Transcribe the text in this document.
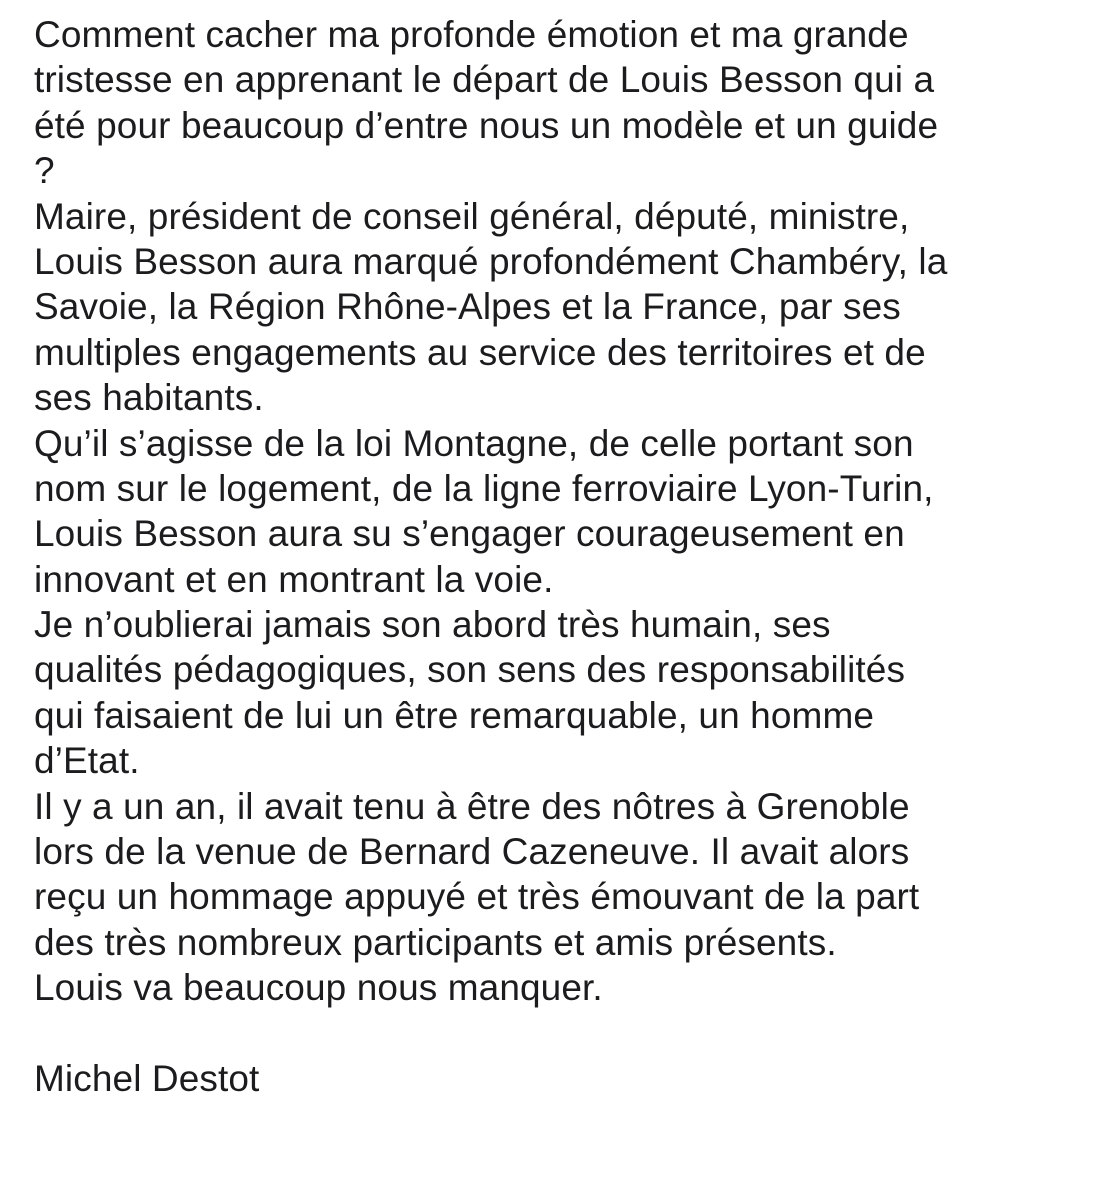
Comment cacher ma profonde émotion et ma grande
tristesse en apprenant le départ de Louis Besson qui a
été pour beaucoup d’entre nous un modèle et un guide
?
Maire, président de conseil général, député, ministre,
Louis Besson aura marqué profondément Chambéry, la
Savoie, la Région Rhône-Alpes et la France, par ses
multiples engagements au service des territoires et de
ses habitants.
Qu’il s’agisse de la loi Montagne, de celle portant son
nom sur le logement, de la ligne ferroviaire Lyon-Turin,
Louis Besson aura su s’engager courageusement en
innovant et en montrant la voie.
Je n’oublierai jamais son abord très humain, ses
qualités pédagogiques, son sens des responsabilités
qui faisaient de lui un être remarquable, un homme
d’Etat.
Il y a un an, il avait tenu à être des nôtres à Grenoble
lors de la venue de Bernard Cazeneuve. Il avait alors
reçu un hommage appuyé et très émouvant de la part
des très nombreux participants et amis présents.
Louis va beaucoup nous manquer.
Michel Destot
